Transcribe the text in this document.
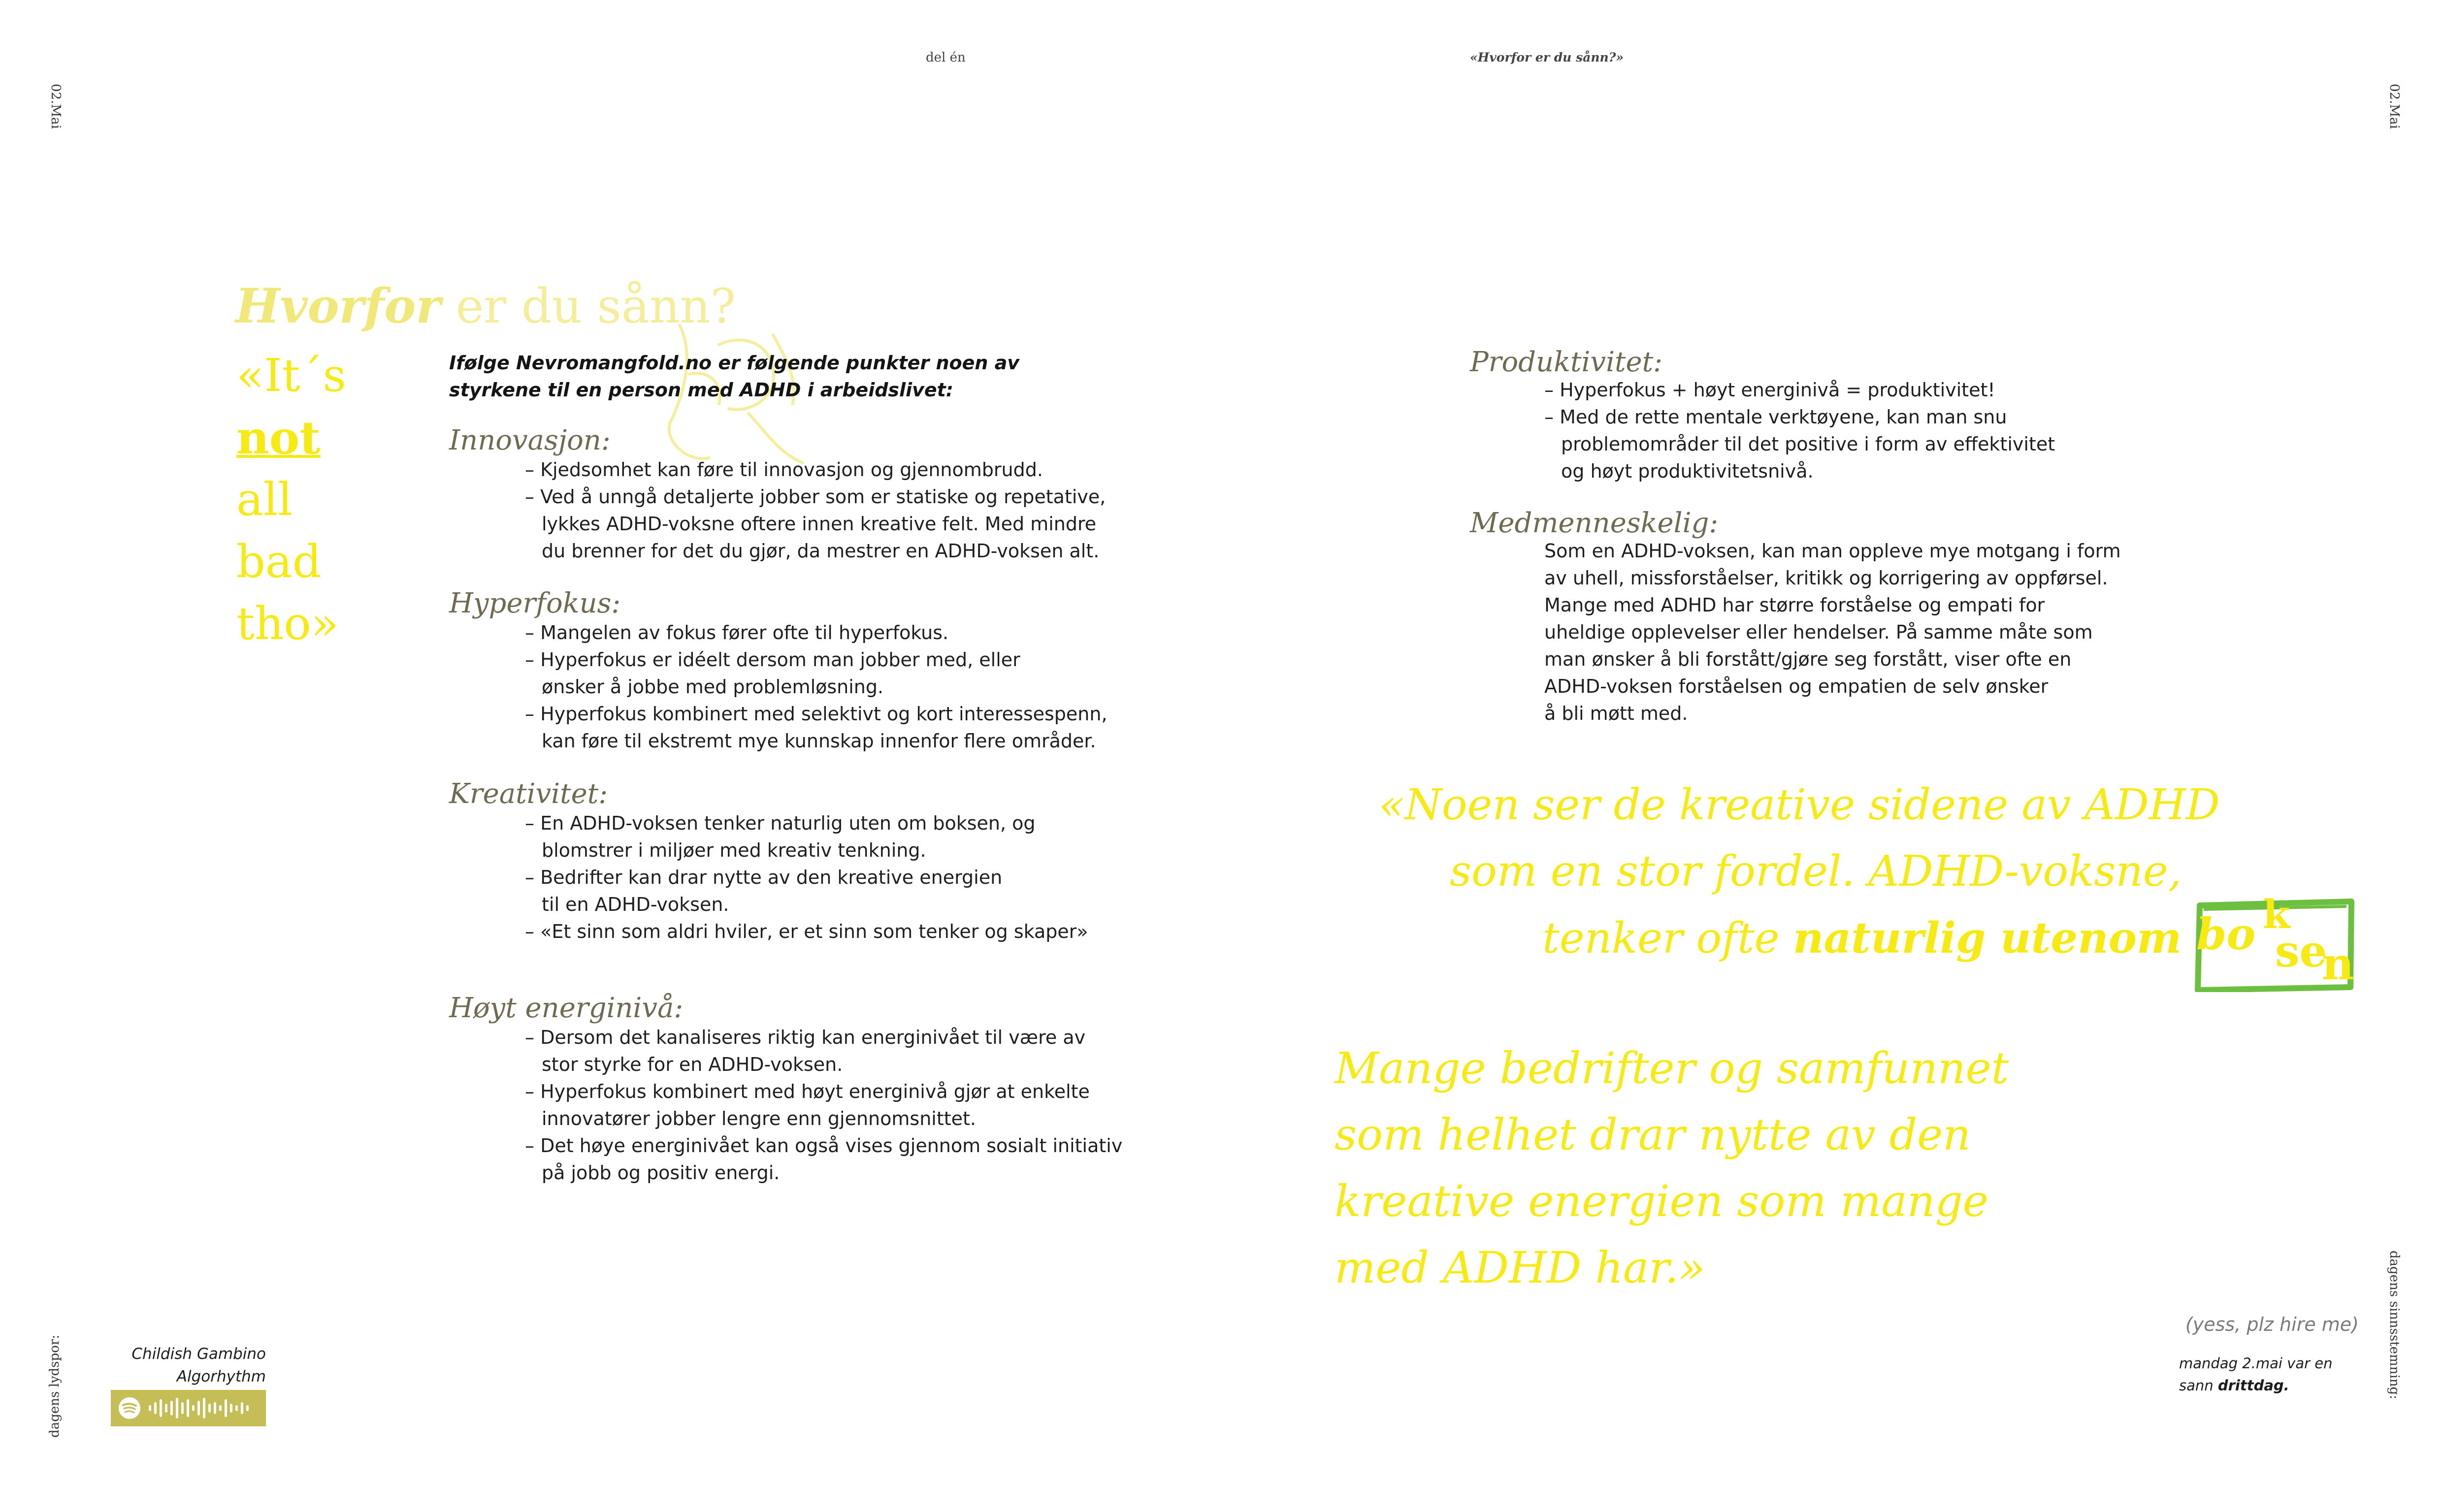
del én	«Hvorfor er du sånn?»
02.Mai	02.Mai
dagens lydspor:	dagens sinnsstemning:
Hvorfor er du sånn?
«It´s
not
all
bad
tho»
Ifølge Nevromangfold.no er følgende punkter noen av
styrkene til en person med ADHD i arbeidslivet:
Innovasjon:

– Kjedsomhet kan føre til innovasjon og gjennombrudd.

– Ved å unngå detaljerte jobber som er statiske og repetative,

lykkes ADHD-voksne oftere innen kreative felt. Med mindre

du brenner for det du gjør, da mestrer en ADHD-voksen alt.

Hyperfokus:

– Mangelen av fokus fører ofte til hyperfokus.

– Hyperfokus er idéelt dersom man jobber med, eller

ønsker å jobbe med problemløsning.

– Hyperfokus kombinert med selektivt og kort interessespenn,

kan føre til ekstremt mye kunnskap innenfor flere områder.

Kreativitet:

– En ADHD-voksen tenker naturlig uten om boksen, og

blomstrer i miljøer med kreativ tenkning.

– Bedrifter kan drar nytte av den kreative energien

til en ADHD-voksen.

– «Et sinn som aldri hviler, er et sinn som tenker og skaper»

Høyt energinivå:

– Dersom det kanaliseres riktig kan energinivået til være av

stor styrke for en ADHD-voksen.

– Hyperfokus kombinert med høyt energinivå gjør at enkelte

innovatører jobber lengre enn gjennomsnittet.

– Det høye energinivået kan også vises gjennom sosialt initiativ

på jobb og positiv energi.

Produktivitet:

– Hyperfokus + høyt energinivå = produktivitet!

– Med de rette mentale verktøyene, kan man snu

problemområder til det positive i form av effektivitet

og høyt produktivitetsnivå.

Medmenneskelig:
Som en ADHD-voksen, kan man oppleve mye motgang i form
av uhell, missforståelser, kritikk og korrigering av oppførsel.
Mange med ADHD har større forståelse og empati for
uheldige opplevelser eller hendelser. På samme måte som
man ønsker å bli forstått/gjøre seg forstått, viser ofte en
ADHD-voksen forståelsen og empatien de selv ønsker
å bli møtt med.
«Noen ser de kreative sidene av ADHD
som en stor fordel. ADHD-voksne,
tenker ofte naturlig utenom bo k
se
n
Mange bedrifter og samfunnet
som helhet drar nytte av den
kreative energien som mange
med ADHD har.»
Childish Gambino
Algorhythm
(yess, plz hire me)
mandag 2.mai var en
sann drittdag.
